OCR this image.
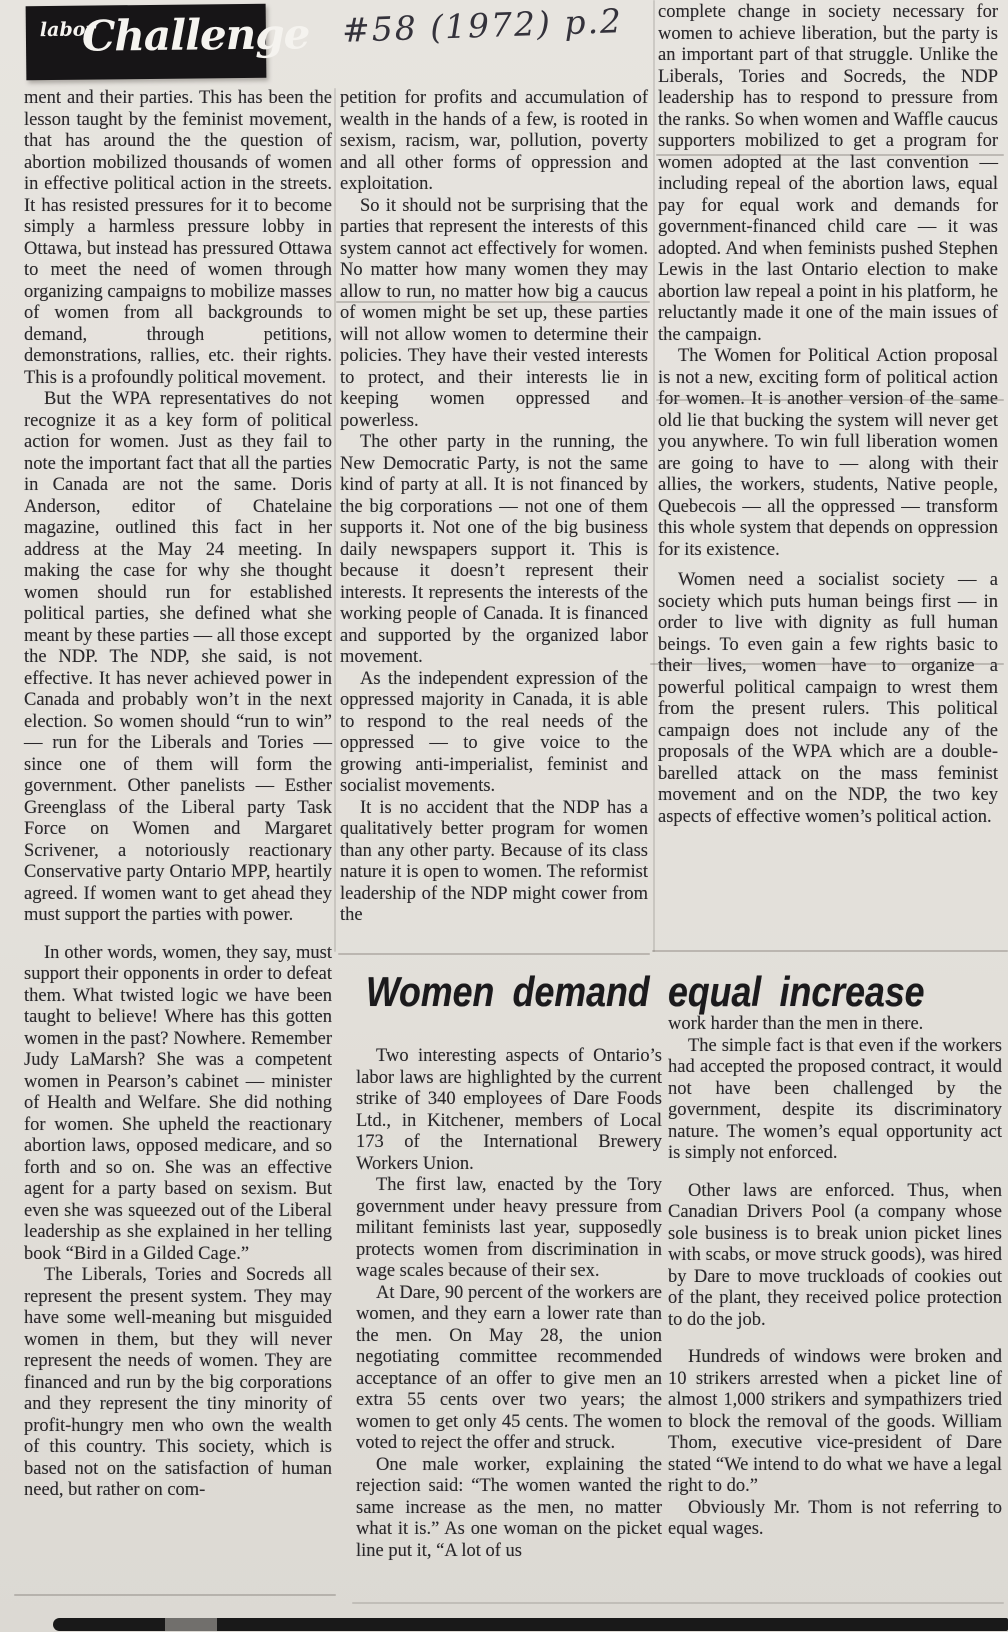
labor
Challenge #58 (1972) p.2

ment and their parties. This has been the lesson taught by the feminist movement, that has around the the question of abortion mobilized thousands of women in effective political action in the streets. It has resisted pressures for it to become simply a harmless pressure lobby in Ottawa, but instead has pressured Ottawa to meet the need of women through organizing campaigns to mobilize masses of women from all backgrounds to demand, through petitions, demonstrations, rallies, etc. their rights. This is a profoundly political movement.

But the WPA representatives do not recognize it as a key form of political action for women. Just as they fail to note the important fact that all the parties in Canada are not the same. Doris Anderson, editor of Chatelaine magazine, outlined this fact in her address at the May 24 meeting. In making the case for why she thought women should run for established political parties, she defined what she meant by these parties — all those except the NDP. The NDP, she said, is not effective. It has never achieved power in Canada and probably won’t in the next election. So women should “run to win” — run for the Liberals and Tories — since one of them will form the government. Other panelists — Esther Greenglass of the Liberal party Task Force on Women and Margaret Scrivener, a notoriously reactionary Conservative party Ontario MPP, heartily agreed. If women want to get ahead they must support the parties with power.

In other words, women, they say, must support their opponents in order to defeat them. What twisted logic we have been taught to believe! Where has this gotten women in the past? Nowhere. Remember Judy LaMarsh? She was a competent women in Pearson’s cabinet — minister of Health and Welfare. She did nothing for women. She upheld the reactionary abortion laws, opposed medicare, and so forth and so on. She was an effective agent for a party based on sexism. But even she was squeezed out of the Liberal leadership as she explained in her telling book “Bird in a Gilded Cage.”

The Liberals, Tories and Socreds all represent the present system. They may have some well-meaning but misguided women in them, but they will never represent the needs of women. They are financed and run by the big corporations and they represent the tiny minority of profit-hungry men who own the wealth of this country. This society, which is based not on the satisfaction of human need, but rather on com-

petition for profits and accumulation of wealth in the hands of a few, is rooted in sexism, racism, war, pollution, poverty and all other forms of oppression and exploitation.

So it should not be surprising that the parties that represent the interests of this system cannot act effectively for women. No matter how many women they may allow to run, no matter how big a caucus of women might be set up, these parties will not allow women to determine their policies. They have their vested interests to protect, and their interests lie in keeping women oppressed and powerless.

The other party in the running, the New Democratic Party, is not the same kind of party at all. It is not financed by the big corporations — not one of them supports it. Not one of the big business daily newspapers support it. This is because it doesn’t represent their interests. It represents the interests of the working people of Canada. It is financed and supported by the organized labor movement.

As the independent expression of the oppressed majority in Canada, it is able to respond to the real needs of the oppressed — to give voice to the growing anti-imperialist, feminist and socialist movements.

It is no accident that the NDP has a qualitatively better program for women than any other party. Because of its class nature it is open to women. The reformist leadership of the NDP might cower from the

complete change in society necessary for women to achieve liberation, but the party is an important part of that struggle. Unlike the Liberals, Tories and Socreds, the NDP leadership has to respond to pressure from the ranks. So when women and Waffle caucus supporters mobilized to get a program for women adopted at the last convention — including repeal of the abortion laws, equal pay for equal work and demands for government-financed child care — it was adopted. And when feminists pushed Stephen Lewis in the last Ontario election to make abortion law repeal a point in his platform, he reluctantly made it one of the main issues of the campaign.

The Women for Political Action proposal is not a new, exciting form of political action for women. It is another version of the same old lie that bucking the system will never get you anywhere. To win full liberation women are going to have to — along with their allies, the workers, students, Native people, Quebecois — all the oppressed — transform this whole system that depends on oppression for its existence.

Women need a socialist society — a society which puts human beings first — in order to live with dignity as full human beings. To even gain a few rights basic to their lives, women have to organize a powerful political campaign to wrest them from the present rulers. This political campaign does not include any of the proposals of the WPA which are a double-barelled attack on the mass feminist movement and on the NDP, the two key aspects of effective women’s political action.

Women demand equal increase

Two interesting aspects of Ontario’s labor laws are highlighted by the current strike of 340 employees of Dare Foods Ltd., in Kitchener, members of Local 173 of the International Brewery Workers Union.

The first law, enacted by the Tory government under heavy pressure from militant feminists last year, supposedly protects women from discrimination in wage scales because of their sex.

At Dare, 90 percent of the workers are women, and they earn a lower rate than the men. On May 28, the union negotiating committee recommended acceptance of an offer to give men an extra 55 cents over two years; the women to get only 45 cents. The women voted to reject the offer and struck.

One male worker, explaining the rejection said: “The women wanted the same increase as the men, no matter what it is.” As one woman on the picket line put it, “A lot of us

work harder than the men in there.

The simple fact is that even if the workers had accepted the proposed contract, it would not have been challenged by the government, despite its discriminatory nature. The women’s equal opportunity act is simply not enforced.

Other laws are enforced. Thus, when Canadian Drivers Pool (a company whose sole business is to break union picket lines with scabs, or move struck goods), was hired by Dare to move truckloads of cookies out of the plant, they received police protection to do the job.

Hundreds of windows were broken and 10 strikers arrested when a picket line of almost 1,000 strikers and sympathizers tried to block the removal of the goods. William Thom, executive vice-president of Dare stated “We intend to do what we have a legal right to do.”

Obviously Mr. Thom is not referring to equal wages.
